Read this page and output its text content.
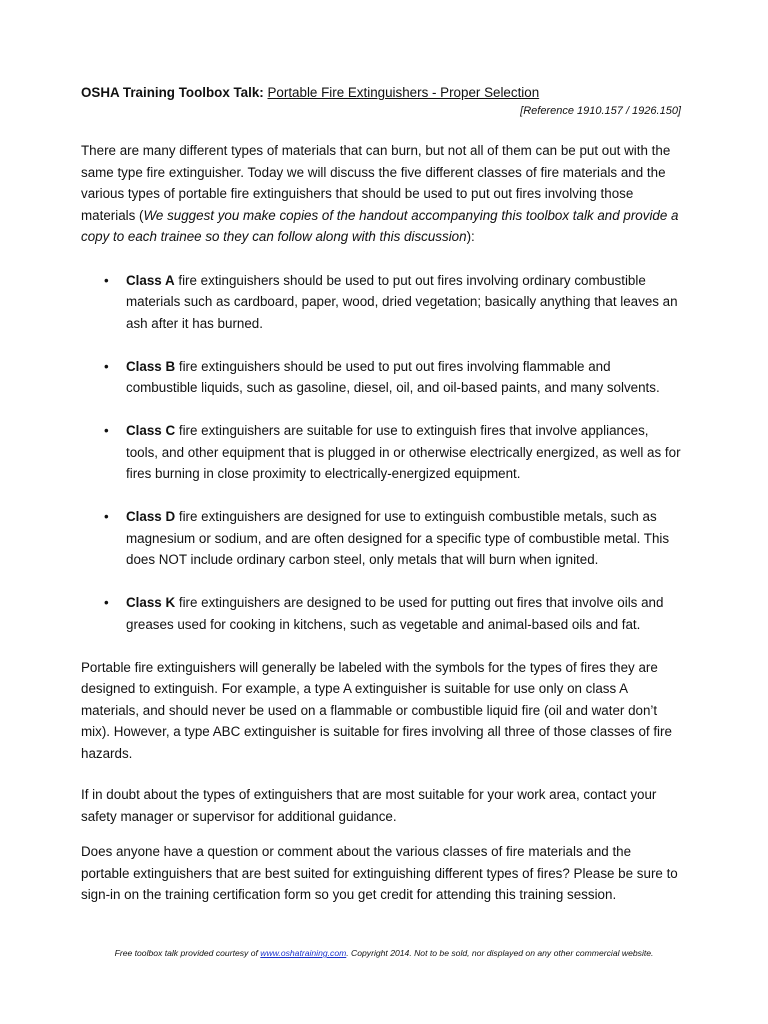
OSHA Training Toolbox Talk: Portable Fire Extinguishers - Proper Selection

[Reference 1910.157 / 1926.150]

There are many different types of materials that can burn, but not all of them can be put out with the same type fire extinguisher. Today we will discuss the five different classes of fire materials and the various types of portable fire extinguishers that should be used to put out fires involving those materials (We suggest you make copies of the handout accompanying this toolbox talk and provide a copy to each trainee so they can follow along with this discussion):

• Class A fire extinguishers should be used to put out fires involving ordinary combustible materials such as cardboard, paper, wood, dried vegetation; basically anything that leaves an ash after it has burned.
• Class B fire extinguishers should be used to put out fires involving flammable and combustible liquids, such as gasoline, diesel, oil, and oil-based paints, and many solvents.
• Class C fire extinguishers are suitable for use to extinguish fires that involve appliances, tools, and other equipment that is plugged in or otherwise electrically energized, as well as for fires burning in close proximity to electrically-energized equipment.
• Class D fire extinguishers are designed for use to extinguish combustible metals, such as magnesium or sodium, and are often designed for a specific type of combustible metal. This does NOT include ordinary carbon steel, only metals that will burn when ignited.
• Class K fire extinguishers are designed to be used for putting out fires that involve oils and greases used for cooking in kitchens, such as vegetable and animal-based oils and fat.

Portable fire extinguishers will generally be labeled with the symbols for the types of fires they are designed to extinguish. For example, a type A extinguisher is suitable for use only on class A materials, and should never be used on a flammable or combustible liquid fire (oil and water don’t mix). However, a type ABC extinguisher is suitable for fires involving all three of those classes of fire hazards.

If in doubt about the types of extinguishers that are most suitable for your work area, contact your safety manager or supervisor for additional guidance.

Does anyone have a question or comment about the various classes of fire materials and the portable extinguishers that are best suited for extinguishing different types of fires? Please be sure to sign-in on the training certification form so you get credit for attending this training session.

Free toolbox talk provided courtesy of www.oshatraining.com. Copyright 2014. Not to be sold, nor displayed on any other commercial website.
